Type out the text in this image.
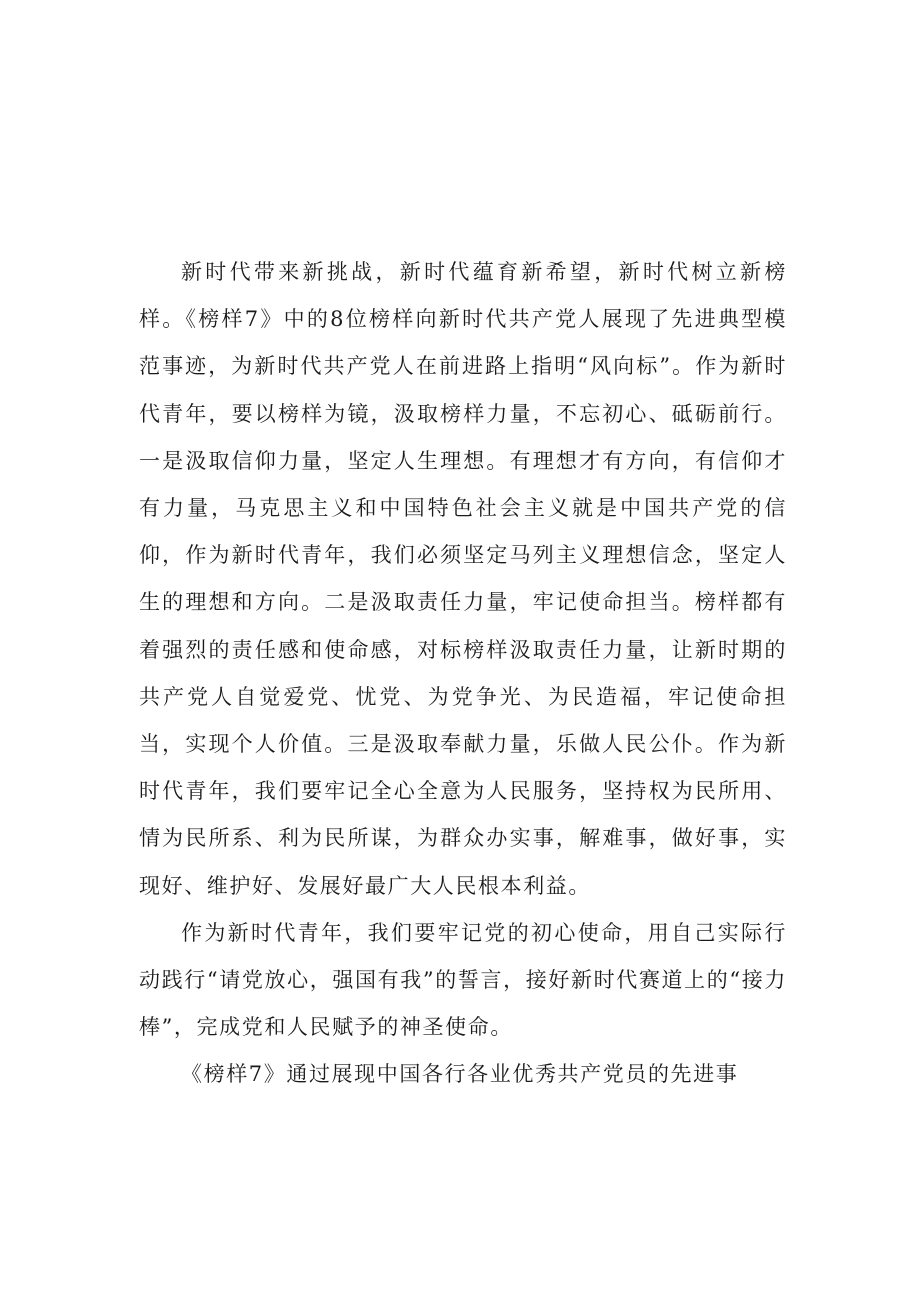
新时代带来新挑战，新时代蕴育新希望，新时代树立新榜样。《榜样7》中的8位榜样向新时代共产党人展现了先进典型模范事迹，为新时代共产党人在前进路上指明“风向标”。作为新时代青年，要以榜样为镜，汲取榜样力量，不忘初心、砥砺前行。一是汲取信仰力量，坚定人生理想。有理想才有方向，有信仰才有力量，马克思主义和中国特色社会主义就是中国共产党的信仰，作为新时代青年，我们必须坚定马列主义理想信念，坚定人生的理想和方向。二是汲取责任力量，牢记使命担当。榜样都有着强烈的责任感和使命感，对标榜样汲取责任力量，让新时期的共产党人自觉爱党、忧党、为党争光、为民造福，牢记使命担当，实现个人价值。三是汲取奉献力量，乐做人民公仆。作为新时代青年，我们要牢记全心全意为人民服务，坚持权为民所用、情为民所系、利为民所谋，为群众办实事，解难事，做好事，实现好、维护好、发展好最广大人民根本利益。

作为新时代青年，我们要牢记党的初心使命，用自己实际行动践行“请党放心，强国有我”的誓言，接好新时代赛道上的“接力棒”，完成党和人民赋予的神圣使命。

《榜样7》通过展现中国各行各业优秀共产党员的先进事
